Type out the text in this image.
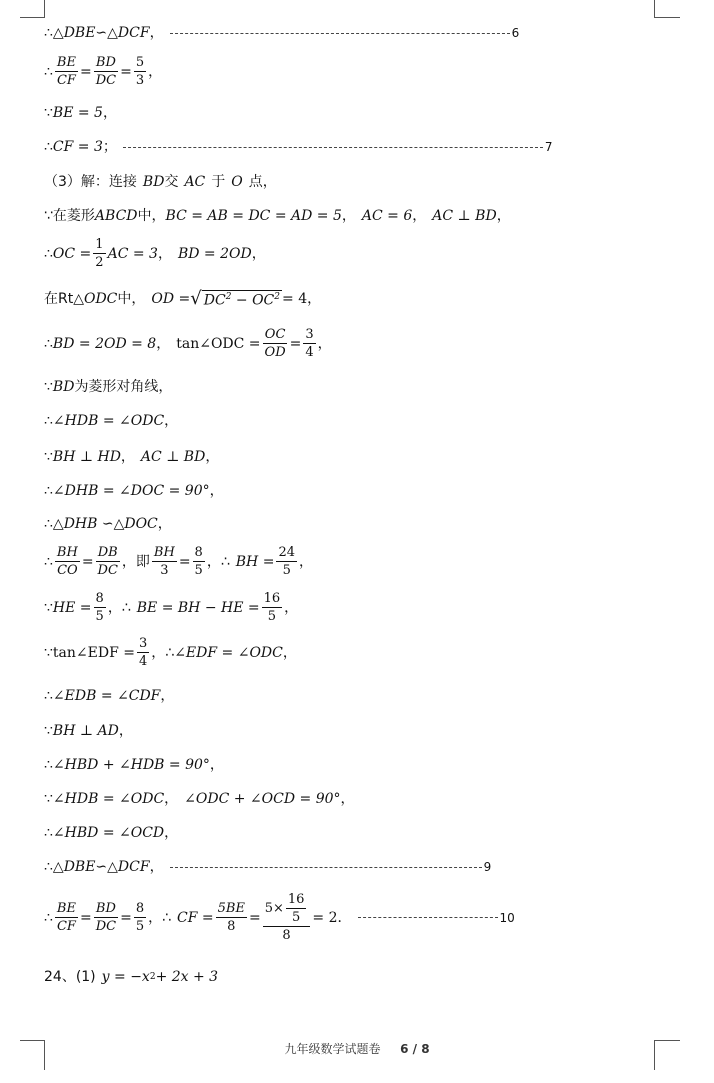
∴ △DBE∽△DCF ，	6
∴ $\frac{BE}{CF} = \frac{BD}{DC} = \frac{5}{3}$ ，
∵ BE = 5 ，
∴ CF = 3 ；	7
（3）解：连接 BD 交 AC 于 O 点，
∵在菱形 ABCD 中， BC = AB = DC = AD = 5 ， AC = 6 ， AC ⊥ BD ，
∴ OC = $\frac{1}{2}$ AC = 3 ， BD = 2OD ，
在Rt△ ODC 中， OD = √ $DC^2 - OC^2 = 4$ ，
∴ BD = 2OD = 8 ， tan∠ODC = $\frac{OC}{OD} = \frac{3}{4}$ ，
∵ BD 为菱形对角线，
∴ ∠HDB = ∠ODC ，
∵ BH ⊥ HD ， AC ⊥ BD ，
∴ ∠DHB = ∠DOC = 90° ，
∴ △DHB ∽△DOC ，
∴ $\frac{BH}{CO} = \frac{DB}{DC}$ ，即 $\frac{BH}{3} = \frac{8}{5}$ ，∴ BH = $\frac{24}{5}$ ，
∵ HE = $\frac{8}{5}$ ，∴ BE = BH − HE = $\frac{16}{5}$ ，
∵ tan∠EDF = $\frac{3}{4}$ ，∴ ∠EDF = ∠ODC ，
∴ ∠EDB = ∠CDF ，
∵ BH ⊥ AD ，
∴ ∠HBD + ∠HDB = 90° ，
∵ ∠HDB = ∠ODC ， ∠ODC + ∠OCD = 90° ，
∴ ∠HBD = ∠OCD ，
∴ △DBE∽△DCF ，	9
∴ $\frac{BE}{CF} = \frac{BD}{DC} = \frac{8}{5}$ ，∴ CF = $\frac{5BE}{8} = \frac{5\times \frac{16}{5}}{8} = 2$ ．	10
24、(1) y = −x 2 + 2x + 3
九年级数学试题卷 6 / 8
